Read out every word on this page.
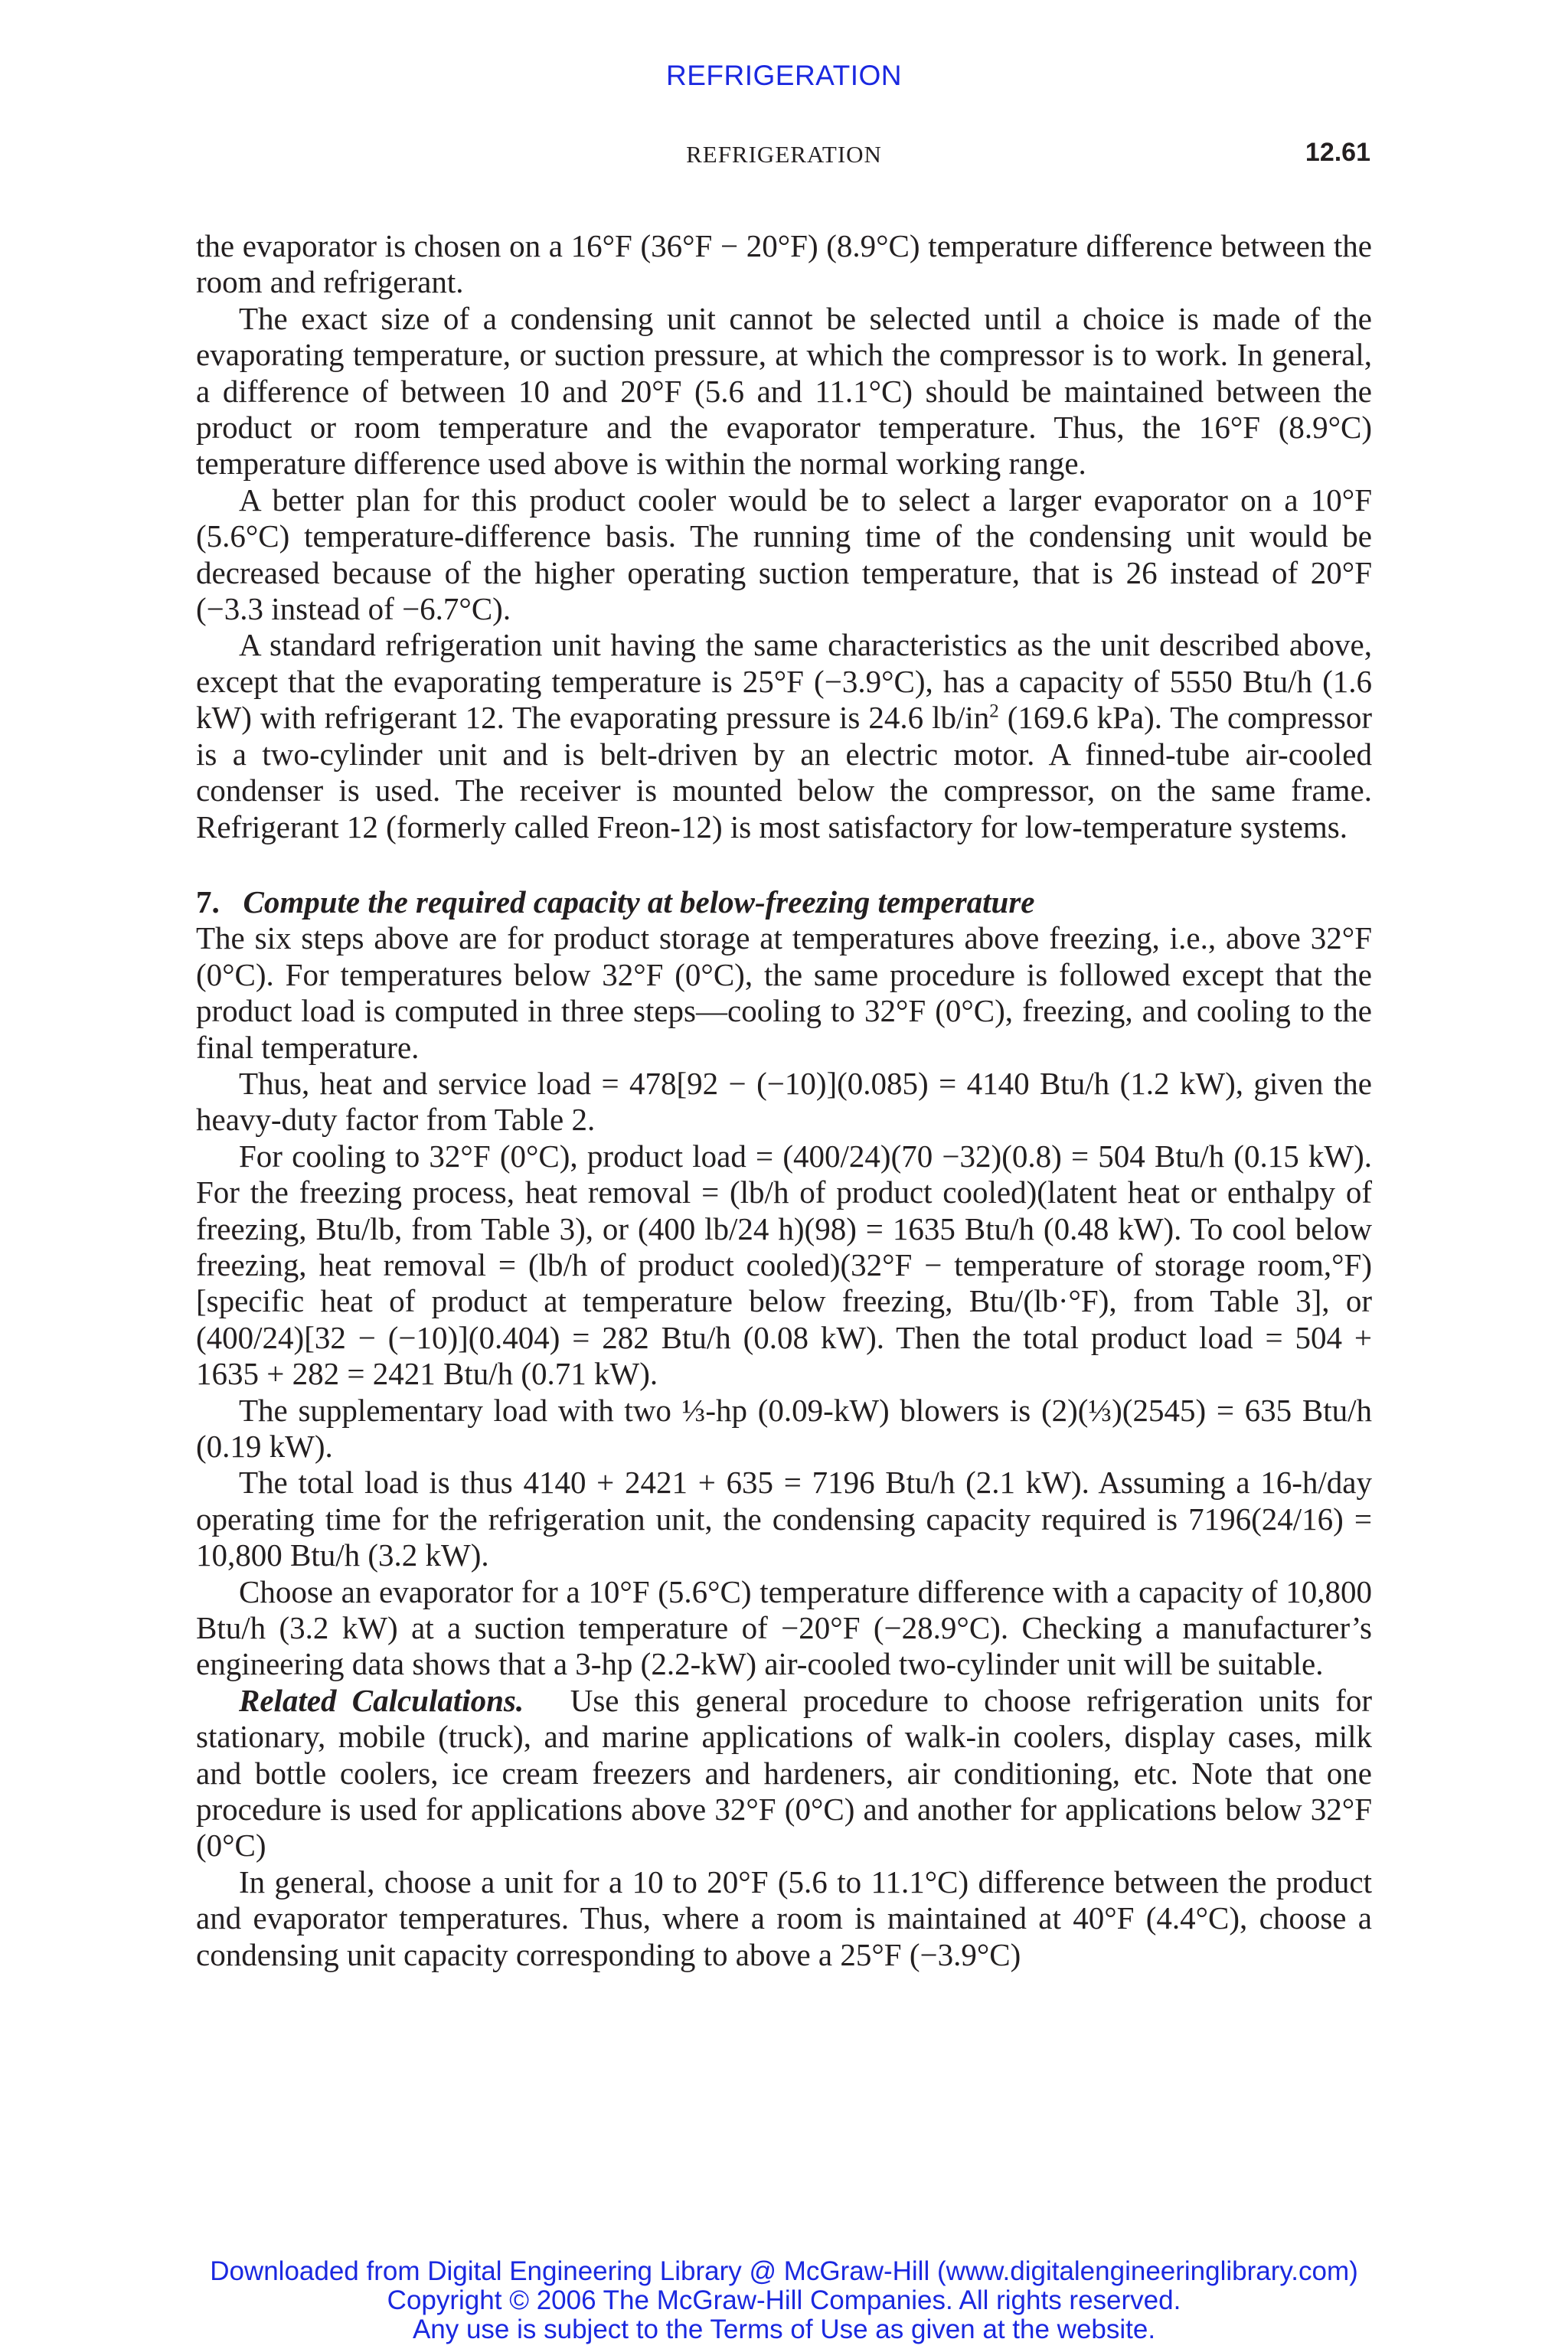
REFRIGERATION
REFRIGERATION	12.61

the evaporator is chosen on a 16°F (36°F − 20°F) (8.9°C) temperature difference between the room and refrigerant.

The exact size of a condensing unit cannot be selected until a choice is made of the evaporating temperature, or suction pressure, at which the compressor is to work. In general, a difference of between 10 and 20°F (5.6 and 11.1°C) should be maintained between the product or room temperature and the evaporator temperature. Thus, the 16°F (8.9°C) temperature difference used above is within the normal working range.

A better plan for this product cooler would be to select a larger evaporator on a 10°F (5.6°C) temperature-difference basis. The running time of the condensing unit would be decreased because of the higher operating suction temperature, that is 26 instead of 20°F (−3.3 instead of −6.7°C).

A standard refrigeration unit having the same characteristics as the unit described above, except that the evaporating temperature is 25°F (−3.9°C), has a capacity of 5550 Btu/h (1.6 kW) with refrigerant 12. The evaporating pressure is 24.6 $lb/in^2$ (169.6 kPa). The compressor is a two-cylinder unit and is belt-driven by an electric motor. A finned-tube air-cooled condenser is used. The receiver is mounted below the compressor, on the same frame. Refrigerant 12 (formerly called Freon-12) is most satisfactory for low-temperature systems.

7. Compute the required capacity at below-freezing temperature

The six steps above are for product storage at temperatures above freezing, i.e., above 32°F (0°C). For temperatures below 32°F (0°C), the same procedure is followed except that the product load is computed in three steps—cooling to 32°F (0°C), freezing, and cooling to the final temperature.

Thus, heat and service load = 478[92 − (−10)](0.085) = 4140 Btu/h (1.2 kW), given the heavy-duty factor from Table 2.

For cooling to 32°F (0°C), product load = (400/24)(70 −32)(0.8) = 504 Btu/h (0.15 kW). For the freezing process, heat removal = (lb/h of product cooled)(latent heat or enthalpy of freezing, Btu/lb, from Table 3), or (400 lb/24 h)(98) = 1635 Btu/h (0.48 kW). To cool below freezing, heat removal = (lb/h of product cooled)(32°F − temperature of storage room,°F)[specific heat of product at temperature below freezing, Btu/(lb·°F), from Table 3], or (400/24)[32 − (−10)](0.404) = 282 Btu/h (0.08 kW). Then the total product load = 504 + 1635 + 282 = 2421 Btu/h (0.71 kW).

The supplementary load with two ⅓-hp (0.09-kW) blowers is (2)(⅓)(2545) = 635 Btu/h (0.19 kW).

The total load is thus 4140 + 2421 + 635 = 7196 Btu/h (2.1 kW). Assuming a 16-h/day operating time for the refrigeration unit, the condensing capacity required is 7196(24/16) = 10,800 Btu/h (3.2 kW).

Choose an evaporator for a 10°F (5.6°C) temperature difference with a capacity of 10,800 Btu/h (3.2 kW) at a suction temperature of −20°F (−28.9°C). Checking a manufacturer’s engineering data shows that a 3-hp (2.2-kW) air-cooled two-cylinder unit will be suitable.

Related Calculations. Use this general procedure to choose refrigeration units for stationary, mobile (truck), and marine applications of walk-in coolers, display cases, milk and bottle coolers, ice cream freezers and hardeners, air conditioning, etc. Note that one procedure is used for applications above 32°F (0°C) and another for applications below 32°F (0°C)

In general, choose a unit for a 10 to 20°F (5.6 to 11.1°C) difference between the product and evaporator temperatures. Thus, where a room is maintained at 40°F (4.4°C), choose a condensing unit capacity corresponding to above a 25°F (−3.9°C)

Downloaded from Digital Engineering Library @ McGraw-Hill (www.digitalengineeringlibrary.com)
Copyright © 2006 The McGraw-Hill Companies. All rights reserved.
Any use is subject to the Terms of Use as given at the website.
